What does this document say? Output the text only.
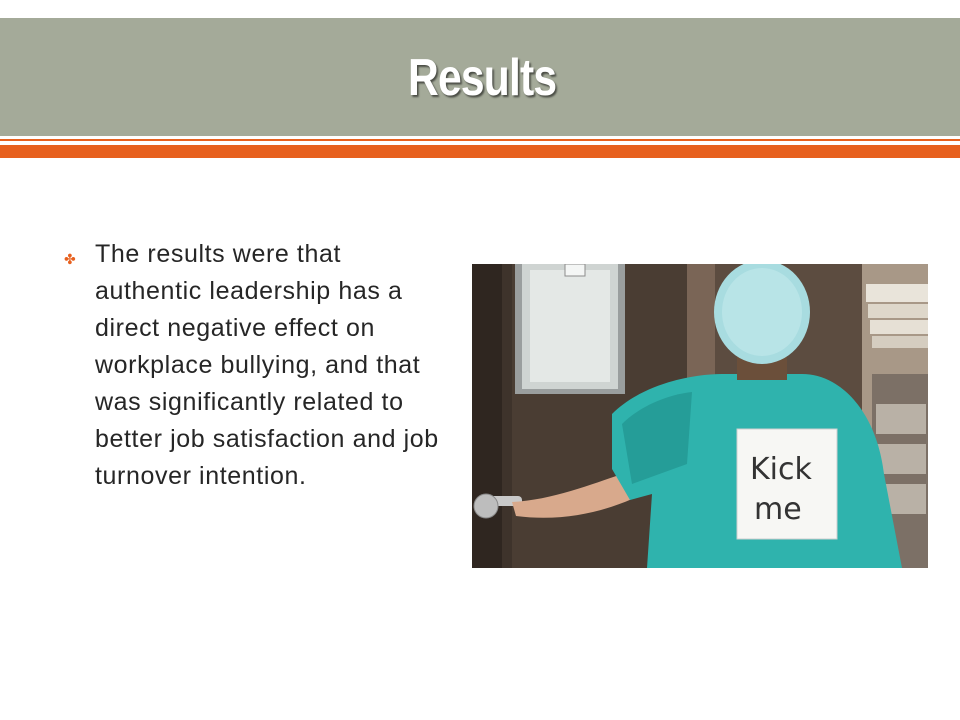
Results
✤ The results were that authentic leadership has a direct negative effect on workplace bullying, and that was significantly related to better job satisfaction and job turnover intention.	Kick
me
